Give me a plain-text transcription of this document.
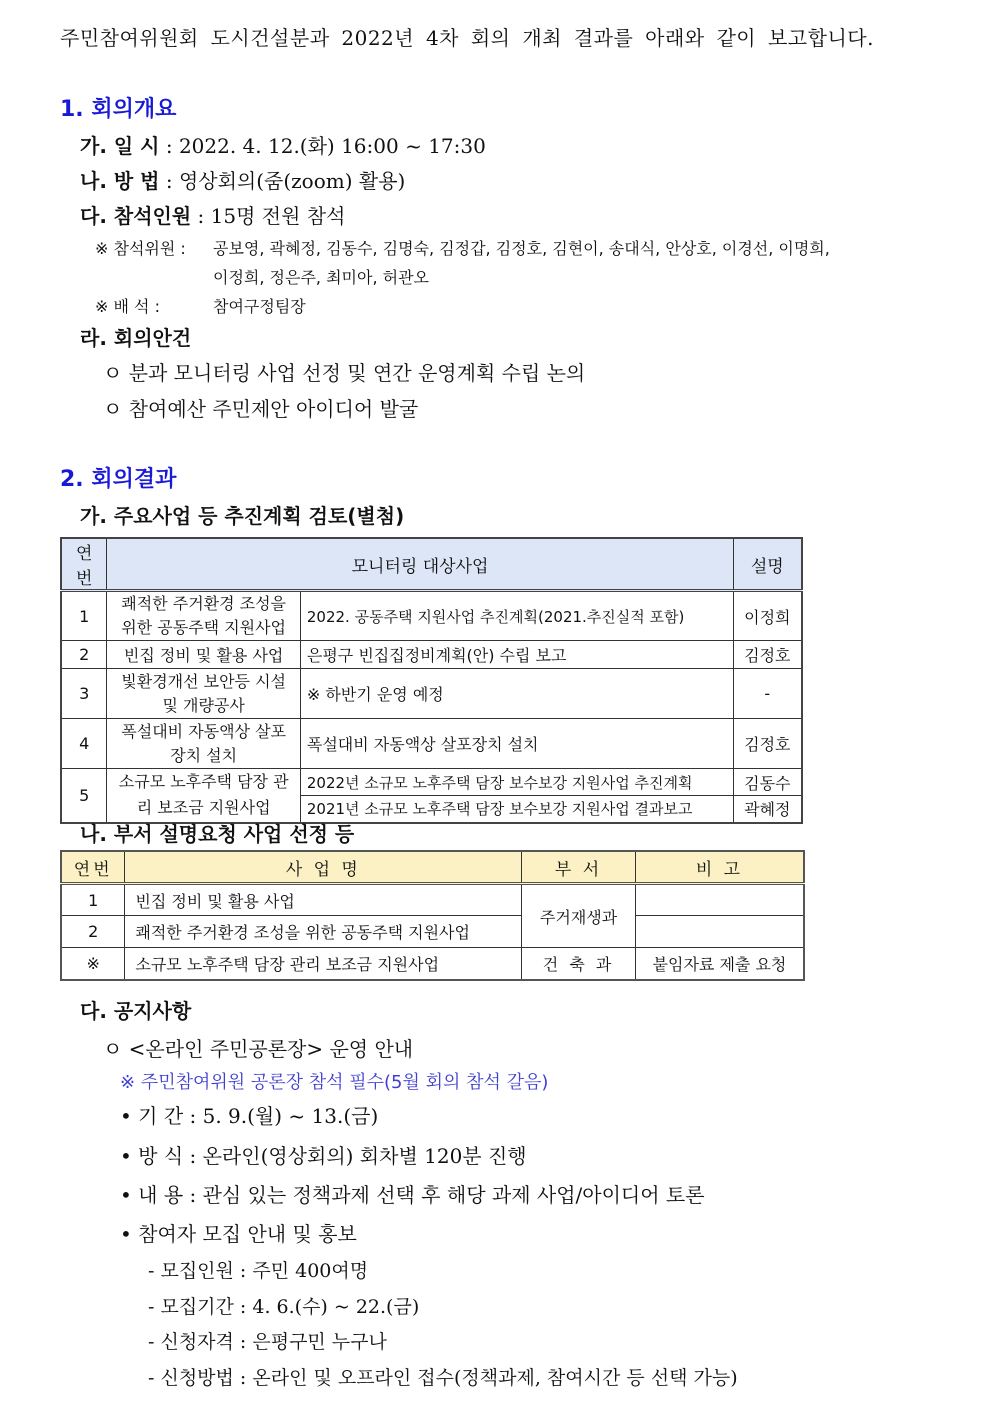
주민참여위원회 도시건설분과 2022년 4차 회의 개최 결과를 아래와 같이 보고합니다.
1. 회의개요
가. 일 시 : 2022. 4. 12.(화) 16:00 ~ 17:30
나. 방 법 : 영상회의(줌(zoom) 활용)
다. 참석인원 : 15명 전원 참석
※ 참석위원 : 공보영, 곽혜정, 김동수, 김명숙, 김정갑, 김정호, 김현이, 송대식, 안상호, 이경선, 이명희,
이정희, 정은주, 최미아, 허관오
※ 배 석 :	참여구정팀장
라. 회의안건
ㅇ 분과 모니터링 사업 선정 및 연간 운영계획 수립 논의
ㅇ 참여예산 주민제안 아이디어 발굴
2. 회의결과
가. 주요사업 등 추진계획 검토(별첨)
연번	모니터링 대상사업		설명
1	쾌적한 주거환경 조성을 위한 공동주택 지원사업	2022. 공동주택 지원사업 추진계획(2021.추진실적 포함)	이정희
2	빈집 정비 및 활용 사업	은평구 빈집집정비계획(안) 수립 보고	김정호
3	빛환경개선 보안등 시설 및 개량공사	※ 하반기 운영 예정	-
4	폭설대비 자동액상 살포 장치 설치	폭설대비 자동액상 살포장치 설치	김정호
5	소규모 노후주택 담장 관리 보조금 지원사업	2022년 소규모 노후주택 담장 보수보강 지원사업 추진계획	김동수
		2021년 소규모 노후주택 담장 보수보강 지원사업 결과보고	곽혜정
나. 부서 설명요청 사업 선정 등
연번	사 업 명	부 서	비 고
1	빈집 정비 및 활용 사업	주거재생과	
2	쾌적한 주거환경 조성을 위한 공동주택 지원사업		
※	소규모 노후주택 담장 관리 보조금 지원사업	건 축 과	붙임자료 제출 요청
다. 공지사항
ㅇ <온라인 주민공론장> 운영 안내
※ 주민참여위원 공론장 참석 필수(5월 회의 참석 갈음)
• 기 간 : 5. 9.(월) ~ 13.(금)
• 방 식 : 온라인(영상회의) 회차별 120분 진행
• 내 용 : 관심 있는 정책과제 선택 후 해당 과제 사업/아이디어 토론
• 참여자 모집 안내 및 홍보
- 모집인원 : 주민 400여명
- 모집기간 : 4. 6.(수) ~ 22.(금)
- 신청자격 : 은평구민 누구나
- 신청방법 : 온라인 및 오프라인 접수(정책과제, 참여시간 등 선택 가능)
